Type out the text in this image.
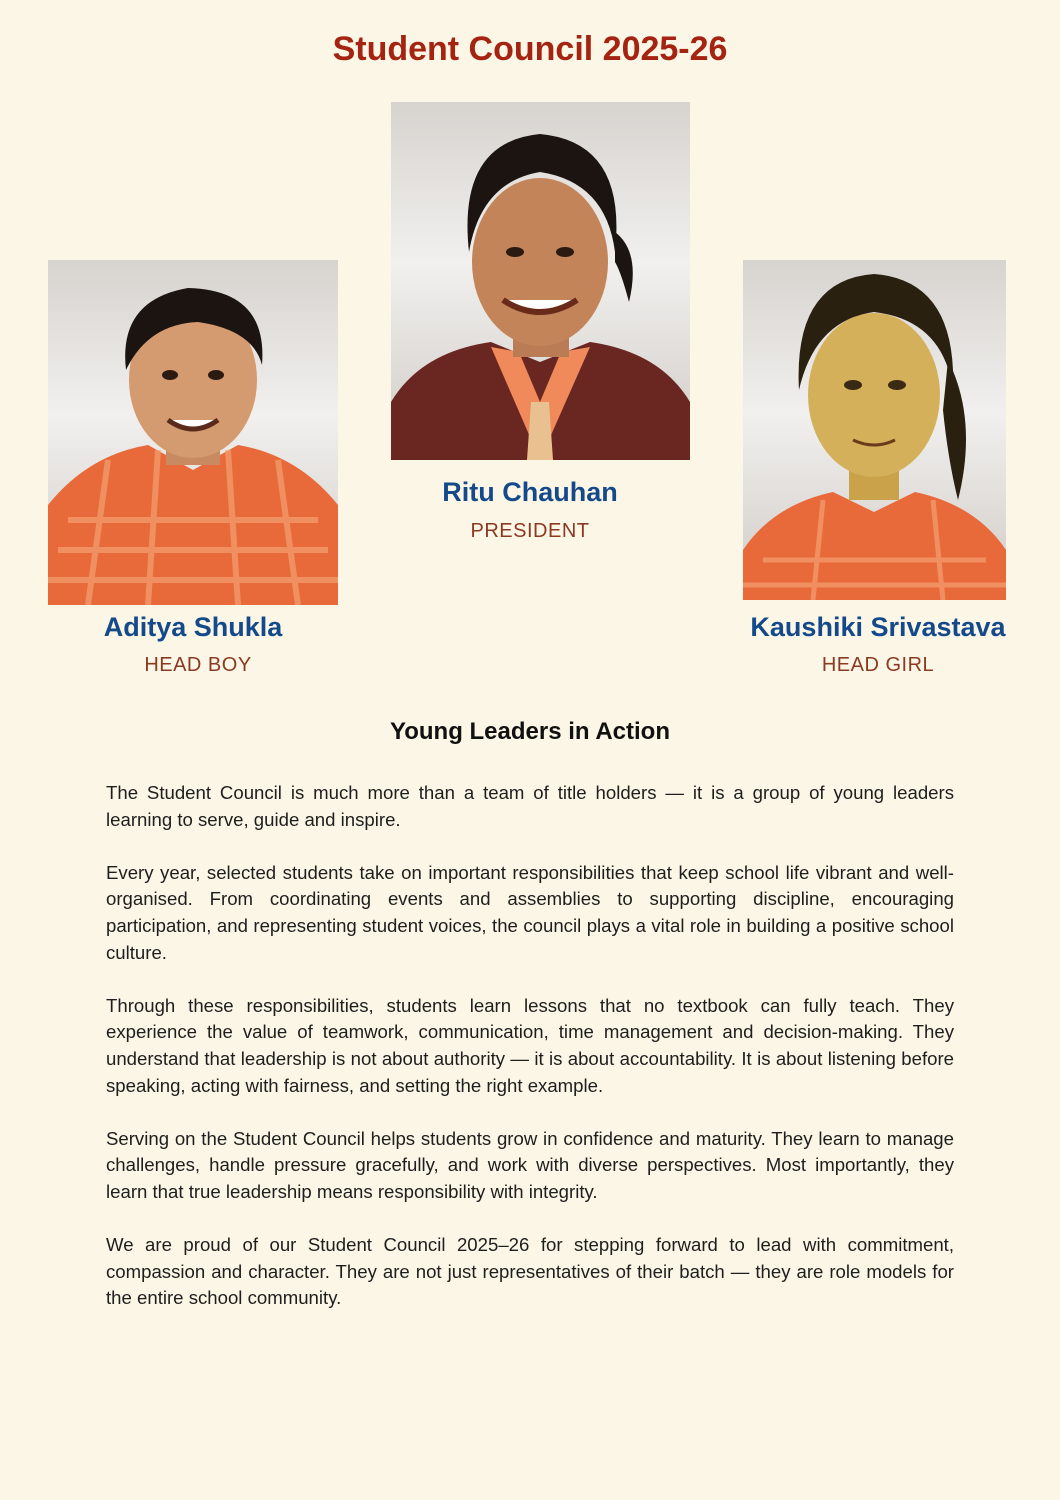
Student Council 2025-26
Aditya Shukla
HEAD BOY
Ritu Chauhan
PRESIDENT
Kaushiki Srivastava
HEAD GIRL
Young Leaders in Action

The Student Council is much more than a team of title holders — it is a group of young leaders learning to serve, guide and inspire.

Every year, selected students take on important responsibilities that keep school life vibrant and well-organised. From coordinating events and assemblies to supporting discipline, encouraging participation, and representing student voices, the council plays a vital role in building a positive school culture.

Through these responsibilities, students learn lessons that no textbook can fully teach. They experience the value of teamwork, communication, time management and decision-making. They understand that leadership is not about authority — it is about accountability. It is about listening before speaking, acting with fairness, and setting the right example.

Serving on the Student Council helps students grow in confidence and maturity. They learn to manage challenges, handle pressure gracefully, and work with diverse perspectives. Most importantly, they learn that true leadership means responsibility with integrity.

We are proud of our Student Council 2025–26 for stepping forward to lead with commitment, compassion and character. They are not just representatives of their batch — they are role models for the entire school community.
